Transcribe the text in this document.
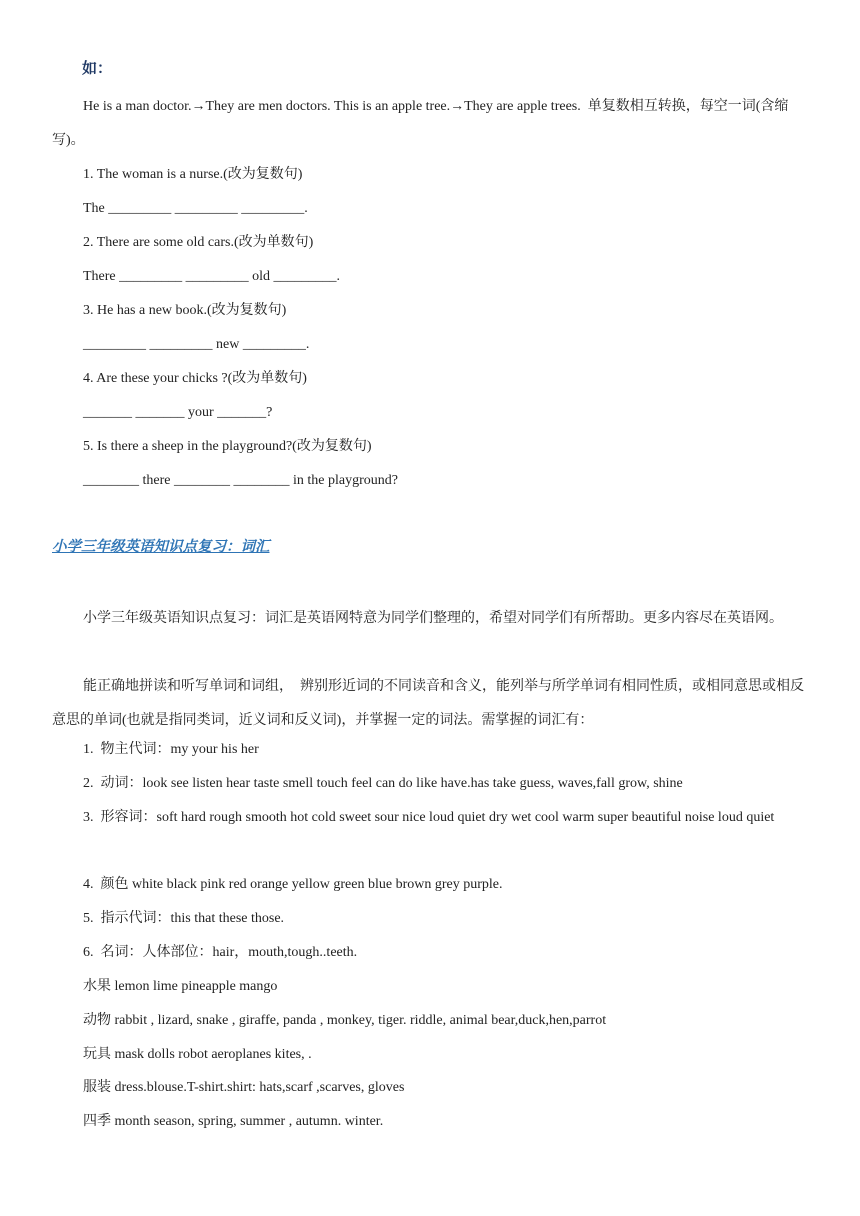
如：
He is a man doctor.→They are men doctors. This is an apple tree.→They are apple trees.  单复数相互转换，每空一词(含缩写)。
1. The woman is a nurse.(改为复数句)
The _________ _________ _________.
2. There are some old cars.(改为单数句)
There _________ _________ old _________.
3. He has a new book.(改为复数句)
_________ _________ new _________.
4. Are these your chicks ?(改为单数句)
_______ _______ your _______?
5. Is there a sheep in the playground?(改为复数句)
________ there ________ ________ in the playground?
小学三年级英语知识点复习：词汇
小学三年级英语知识点复习：词汇是英语网特意为同学们整理的，希望对同学们有所帮助。更多内容尽在英语网。
能正确地拼读和听写单词和词组，  辨别形近词的不同读音和含义，能列举与所学单词有相同性质，或相同意思或相反意思的单词(也就是指同类词，近义词和反义词)，并掌握一定的词法。需掌握的词汇有：
1.  物主代词：my your his her
2.  动词：look see listen hear taste smell touch feel can do like have.has take guess, waves,fall grow, shine
3.  形容词：soft hard rough smooth hot cold sweet sour nice loud quiet dry wet cool warm super beautiful noise loud quiet
4.  颜色 white black pink red orange yellow green blue brown grey purple.
5.  指示代词：this that these those.
6.  名词：人体部位：hair，mouth,tough..teeth.
水果 lemon lime pineapple mango
动物 rabbit , lizard, snake , giraffe, panda , monkey, tiger. riddle, animal bear,duck,hen,parrot
玩具 mask dolls robot aeroplanes kites, .
服装 dress.blouse.T-shirt.shirt: hats,scarf ,scarves, gloves
四季 month season, spring, summer , autumn. winter.
